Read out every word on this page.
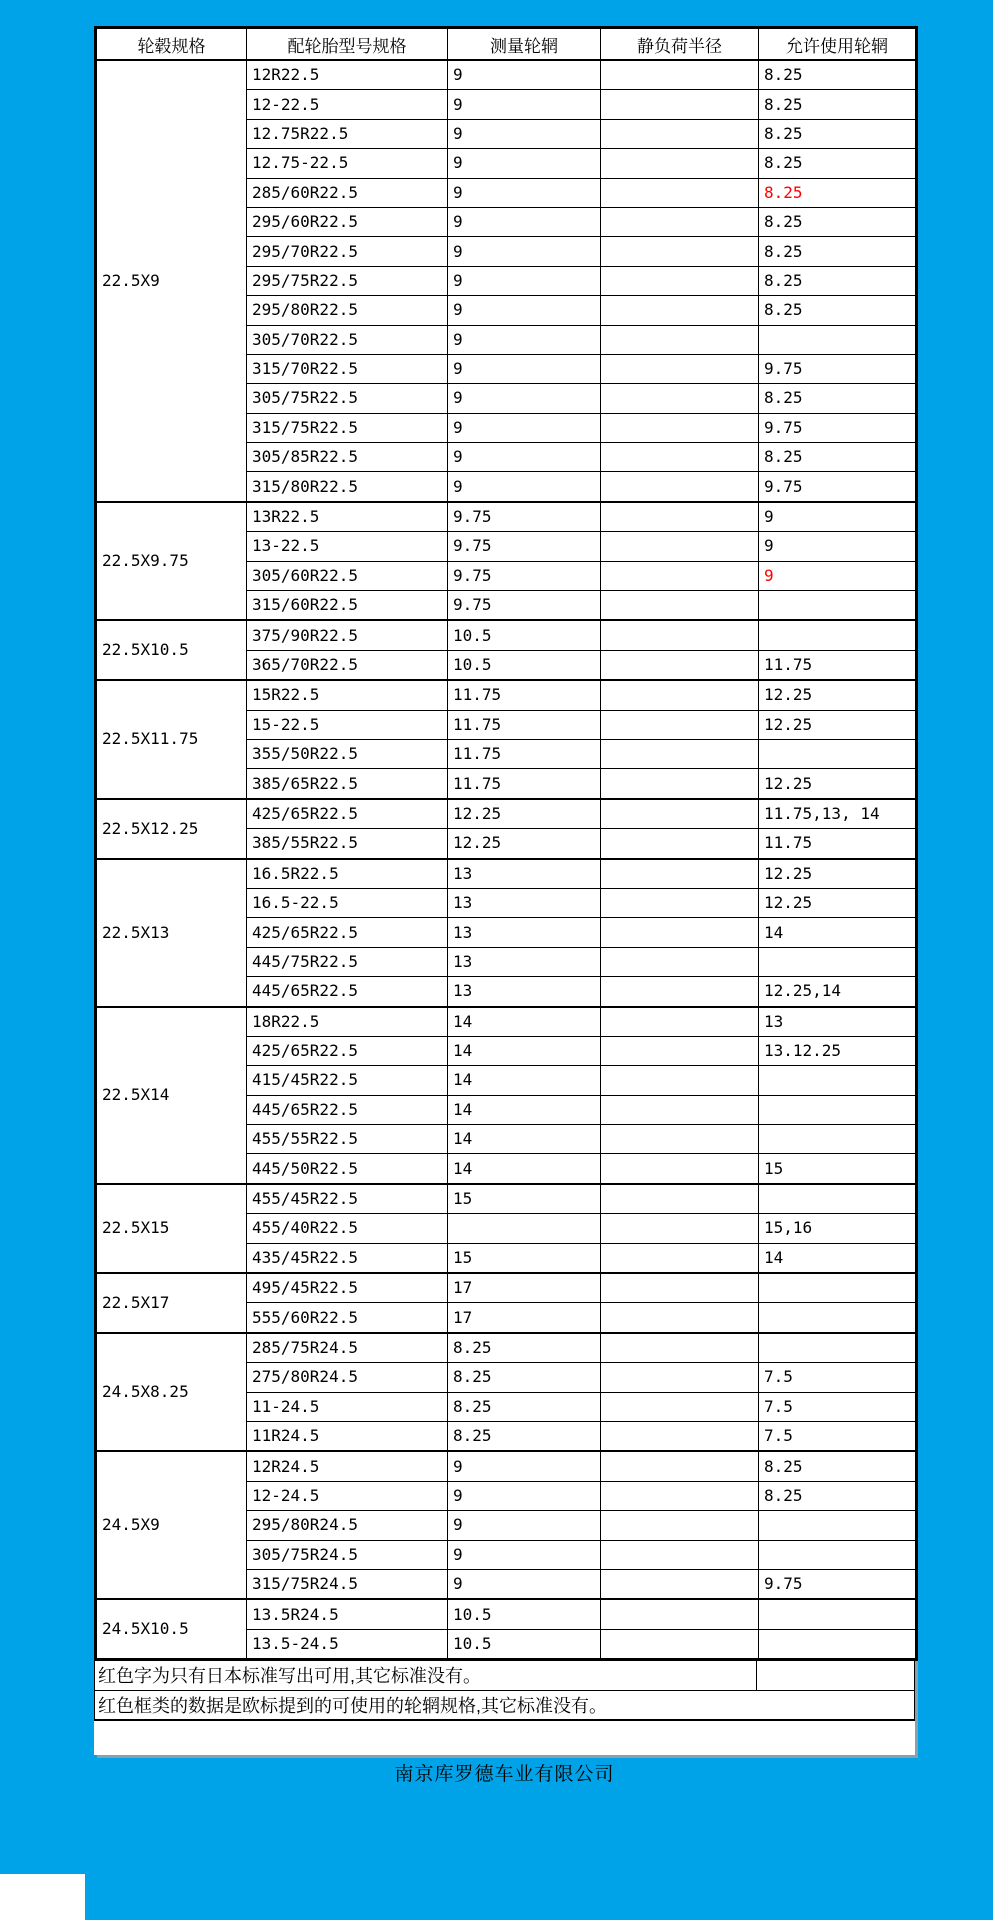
轮毂规格	配轮胎型号规格	测量轮辋	静负荷半径	允许使用轮辋
22.5X9	12R22.5	9		8.25
	12-22.5	9		8.25
	12.75R22.5	9		8.25
	12.75-22.5	9		8.25
	285/60R22.5	9		8.25
	295/60R22.5	9		8.25
	295/70R22.5	9		8.25
	295/75R22.5	9		8.25
	295/80R22.5	9		8.25
	305/70R22.5	9		
	315/70R22.5	9		9.75
	305/75R22.5	9		8.25
	315/75R22.5	9		9.75
	305/85R22.5	9		8.25
	315/80R22.5	9		9.75
22.5X9.75	13R22.5	9.75		9
	13-22.5	9.75		9
	305/60R22.5	9.75		9
	315/60R22.5	9.75		
22.5X10.5	375/90R22.5	10.5		
	365/70R22.5	10.5		11.75
22.5X11.75	15R22.5	11.75		12.25
	15-22.5	11.75		12.25
	355/50R22.5	11.75		
	385/65R22.5	11.75		12.25
22.5X12.25	425/65R22.5	12.25		11.75,13, 14
	385/55R22.5	12.25		11.75
22.5X13	16.5R22.5	13		12.25
	16.5-22.5	13		12.25
	425/65R22.5	13		14
	445/75R22.5	13		
	445/65R22.5	13		12.25,14
22.5X14	18R22.5	14		13
	425/65R22.5	14		13.12.25
	415/45R22.5	14		
	445/65R22.5	14		
	455/55R22.5	14		
	445/50R22.5	14		15
22.5X15	455/45R22.5	15		
	455/40R22.5			15,16
	435/45R22.5	15		14
22.5X17	495/45R22.5	17		
	555/60R22.5	17		
24.5X8.25	285/75R24.5	8.25		
	275/80R24.5	8.25		7.5
	11-24.5	8.25		7.5
	11R24.5	8.25		7.5
24.5X9	12R24.5	9		8.25
	12-24.5	9		8.25
	295/80R24.5	9		
	305/75R24.5	9		
	315/75R24.5	9		9.75
24.5X10.5	13.5R24.5	10.5		
	13.5-24.5	10.5		
红色字为只有日本标准写出可用,其它标准没有。
红色框类的数据是欧标提到的可使用的轮辋规格,其它标准没有。
南京库罗德车业有限公司
